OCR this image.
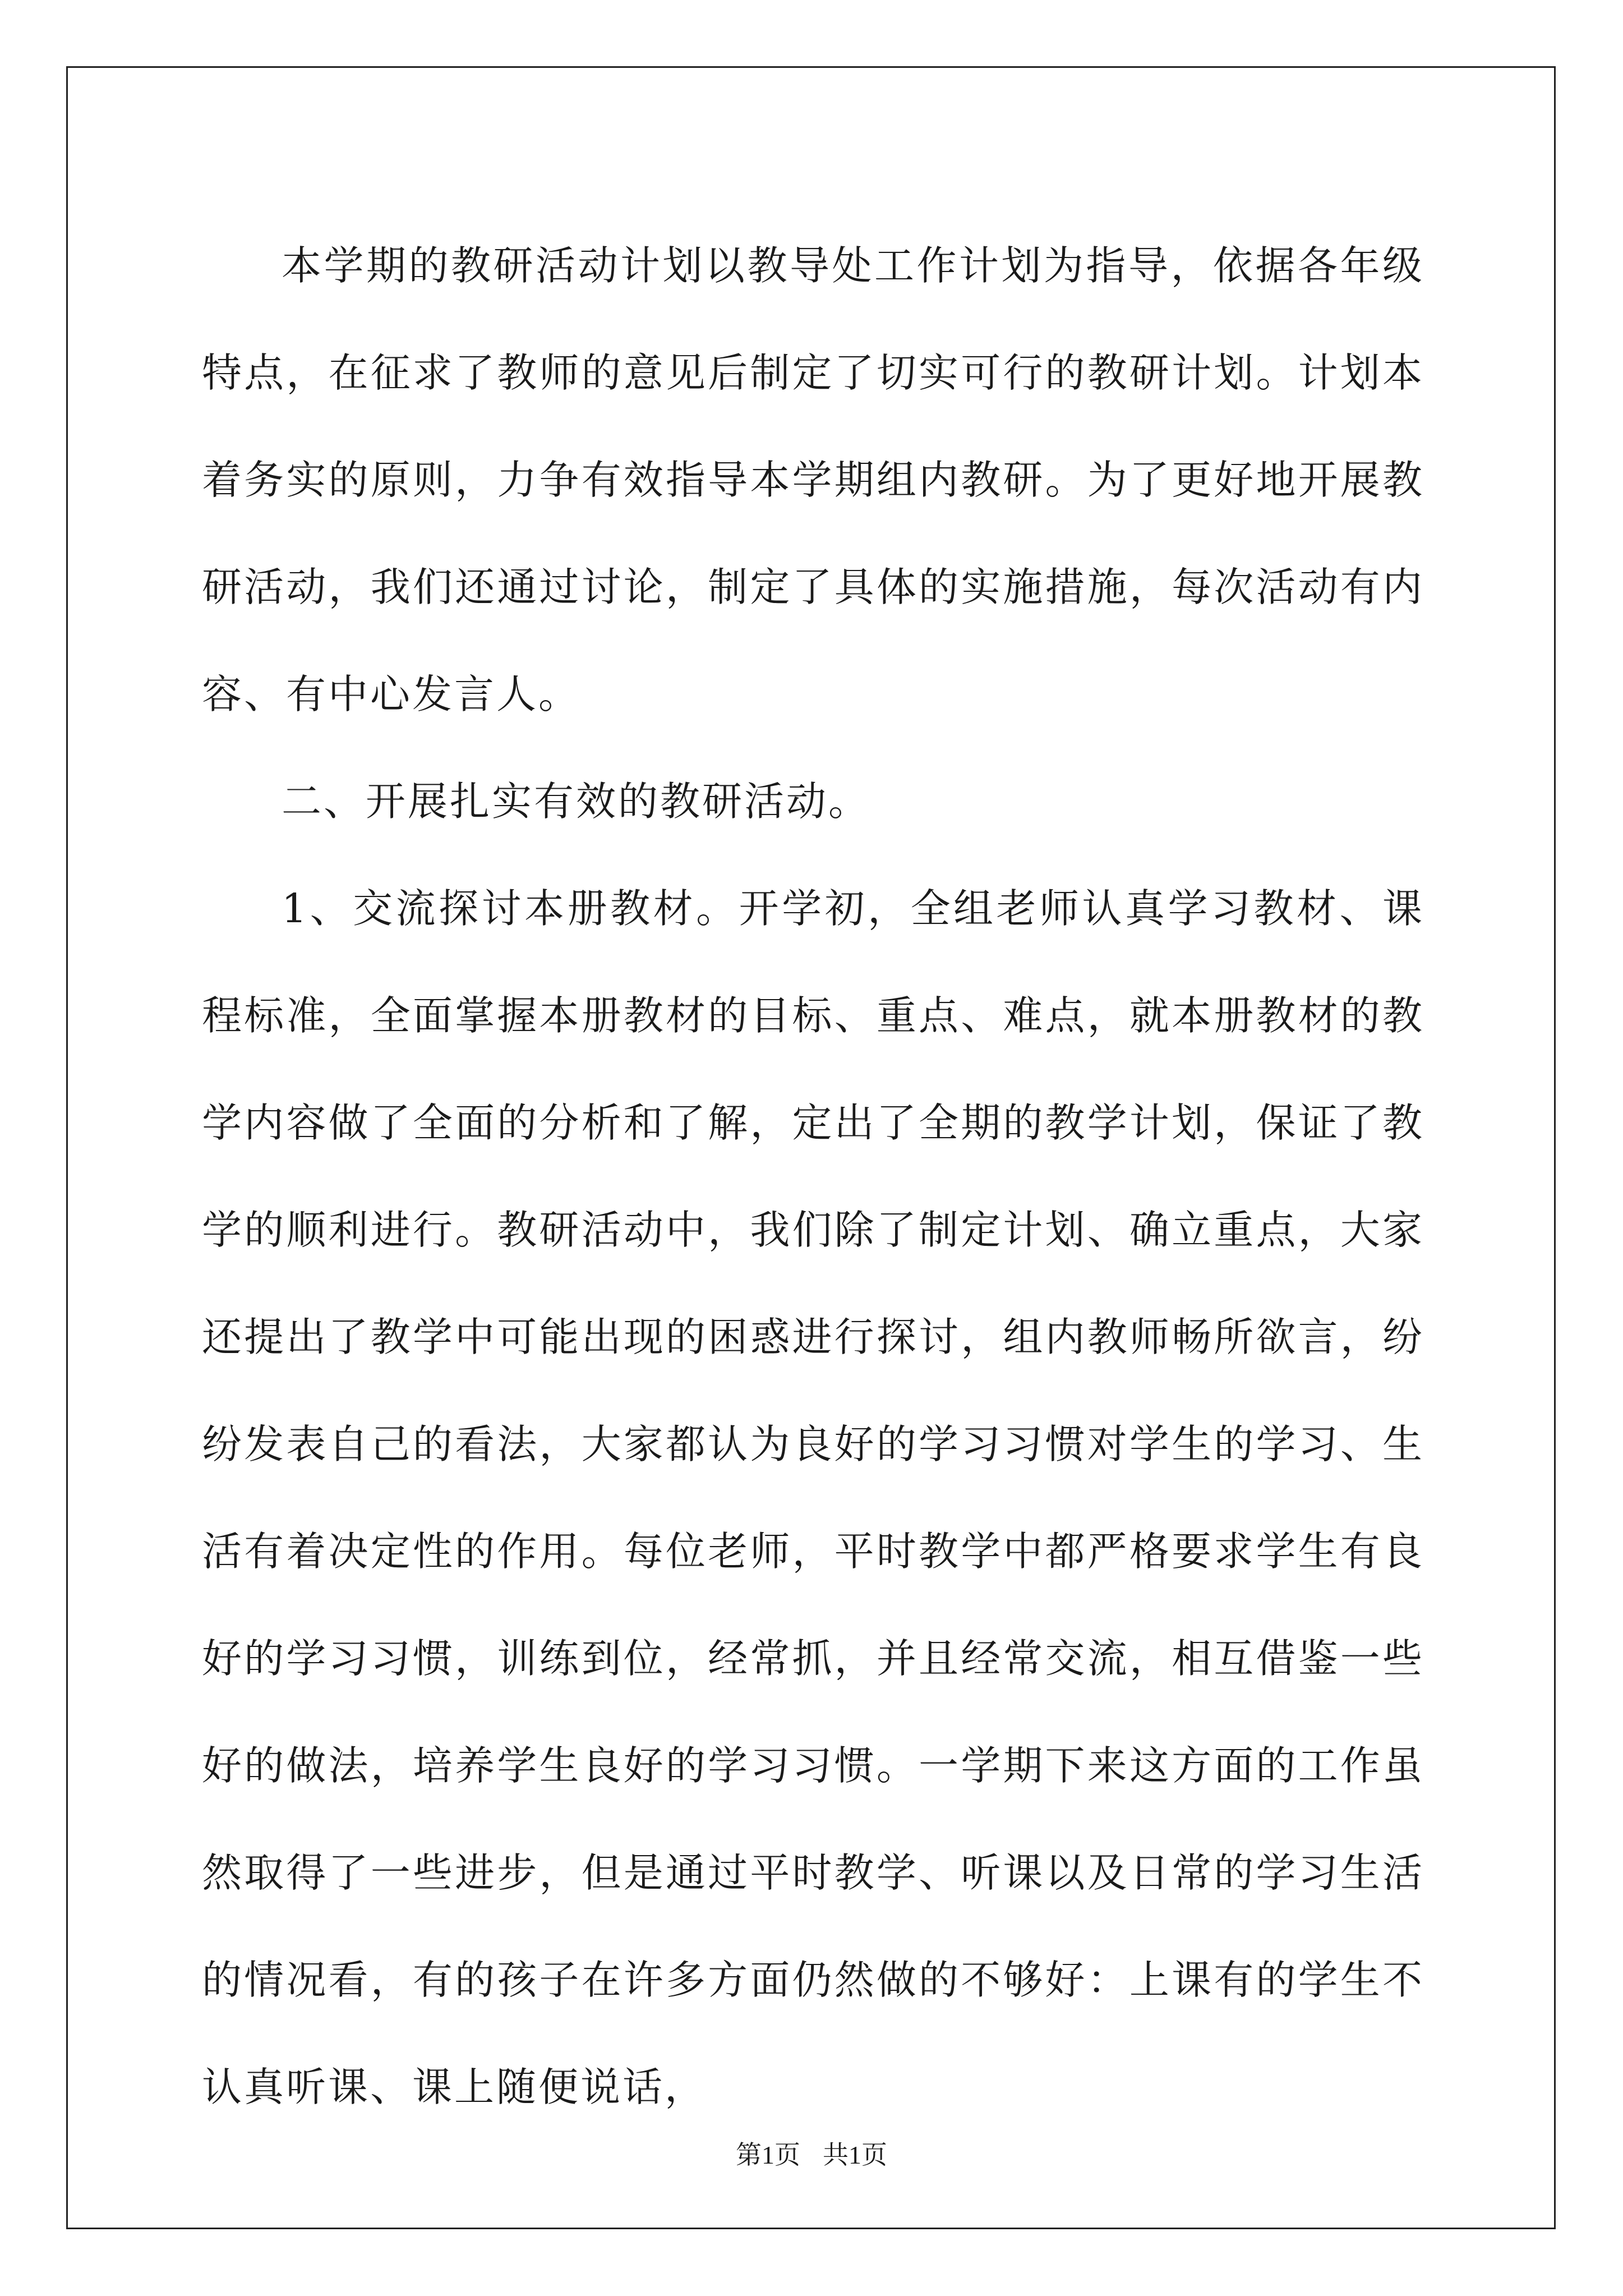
本学期的教研活动计划以教导处工作计划为指导，依据各年级特点，在征求了教师的意见后制定了切实可行的教研计划。计划本着务实的原则，力争有效指导本学期组内教研。为了更好地开展教研活动，我们还通过讨论，制定了具体的实施措施，每次活动有内容、有中心发言人。

二、开展扎实有效的教研活动。

1、交流探讨本册教材。开学初，全组老师认真学习教材、课程标准，全面掌握本册教材的目标、重点、难点，就本册教材的教学内容做了全面的分析和了解，定出了全期的教学计划，保证了教学的顺利进行。教研活动中，我们除了制定计划、确立重点，大家还提出了教学中可能出现的困惑进行探讨，组内教师畅所欲言，纷纷发表自己的看法，大家都认为良好的学习习惯对学生的学习、生活有着决定性的作用。每位老师，平时教学中都严格要求学生有良好的学习习惯，训练到位，经常抓，并且经常交流，相互借鉴一些好的做法，培养学生良好的学习习惯。一学期下来这方面的工作虽然取得了一些进步，但是通过平时教学、听课以及日常的学习生活的情况看，有的孩子在许多方面仍然做的不够好：上课有的学生不认真听课、课上随便说话，

第1页 共1页
